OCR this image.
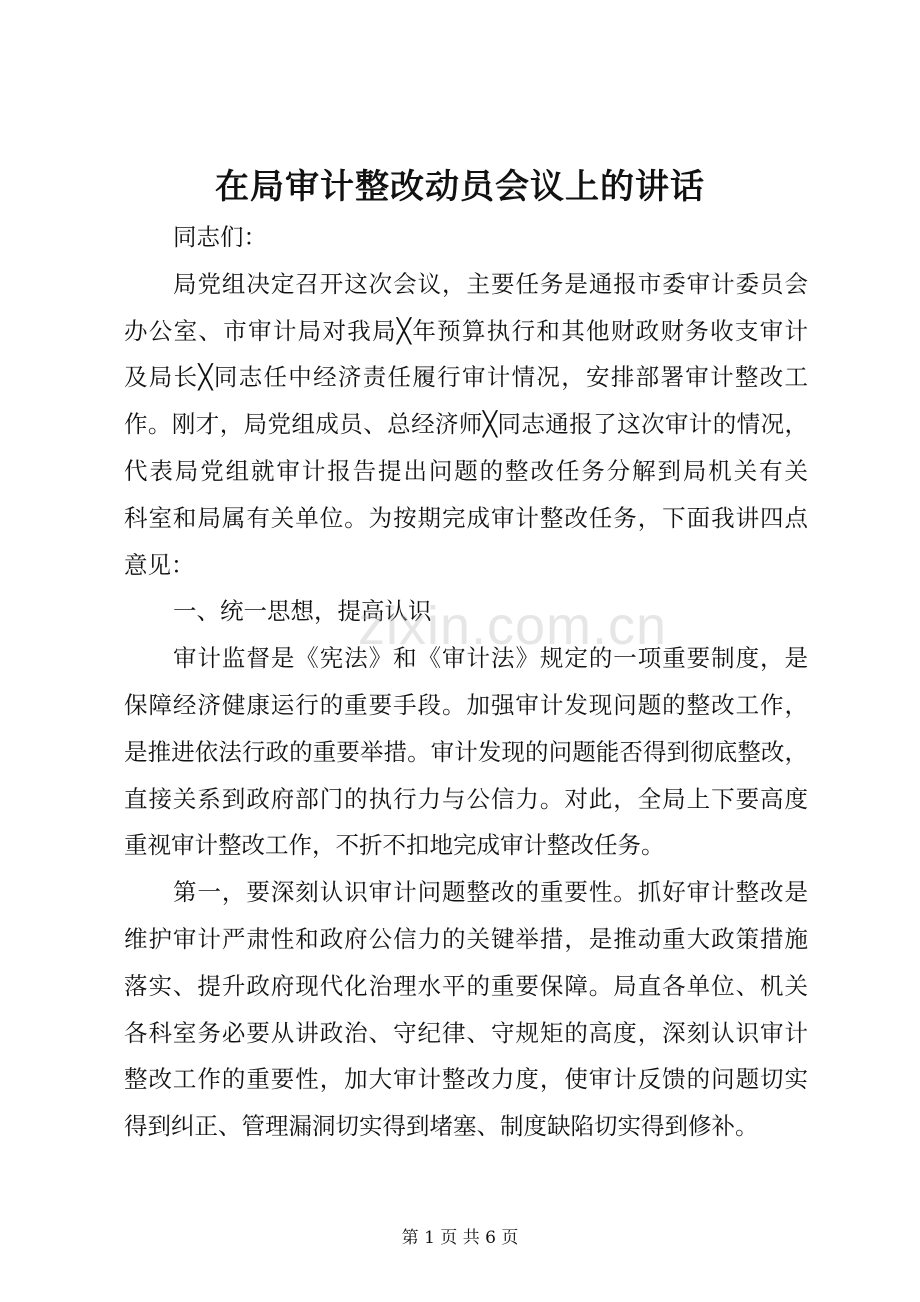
在局审计整改动员会议上的讲话
同志们：
局党组决定召开这次会议，主要任务是通报市委审计委员会
办公室、市审计局对我局╳年预算执行和其他财政财务收支审计
及局长╳同志任中经济责任履行审计情况，安排部署审计整改工
作。刚才，局党组成员、总经济师╳同志通报了这次审计的情况，
代表局党组就审计报告提出问题的整改任务分解到局机关有关
科室和局属有关单位。为按期完成审计整改任务，下面我讲四点
意见：
一、统一思想，提高认识
审计监督是《宪法》和《审计法》规定的一项重要制度，是
保障经济健康运行的重要手段。加强审计发现问题的整改工作，
是推进依法行政的重要举措。审计发现的问题能否得到彻底整改，
直接关系到政府部门的执行力与公信力。对此，全局上下要高度
重视审计整改工作，不折不扣地完成审计整改任务。
第一，要深刻认识审计问题整改的重要性。抓好审计整改是
维护审计严肃性和政府公信力的关键举措，是推动重大政策措施
落实、提升政府现代化治理水平的重要保障。局直各单位、机关
各科室务必要从讲政治、守纪律、守规矩的高度，深刻认识审计
整改工作的重要性，加大审计整改力度，使审计反馈的问题切实
得到纠正、管理漏洞切实得到堵塞、制度缺陷切实得到修补。
zixin.com.cn
第 1 页 共 6 页
